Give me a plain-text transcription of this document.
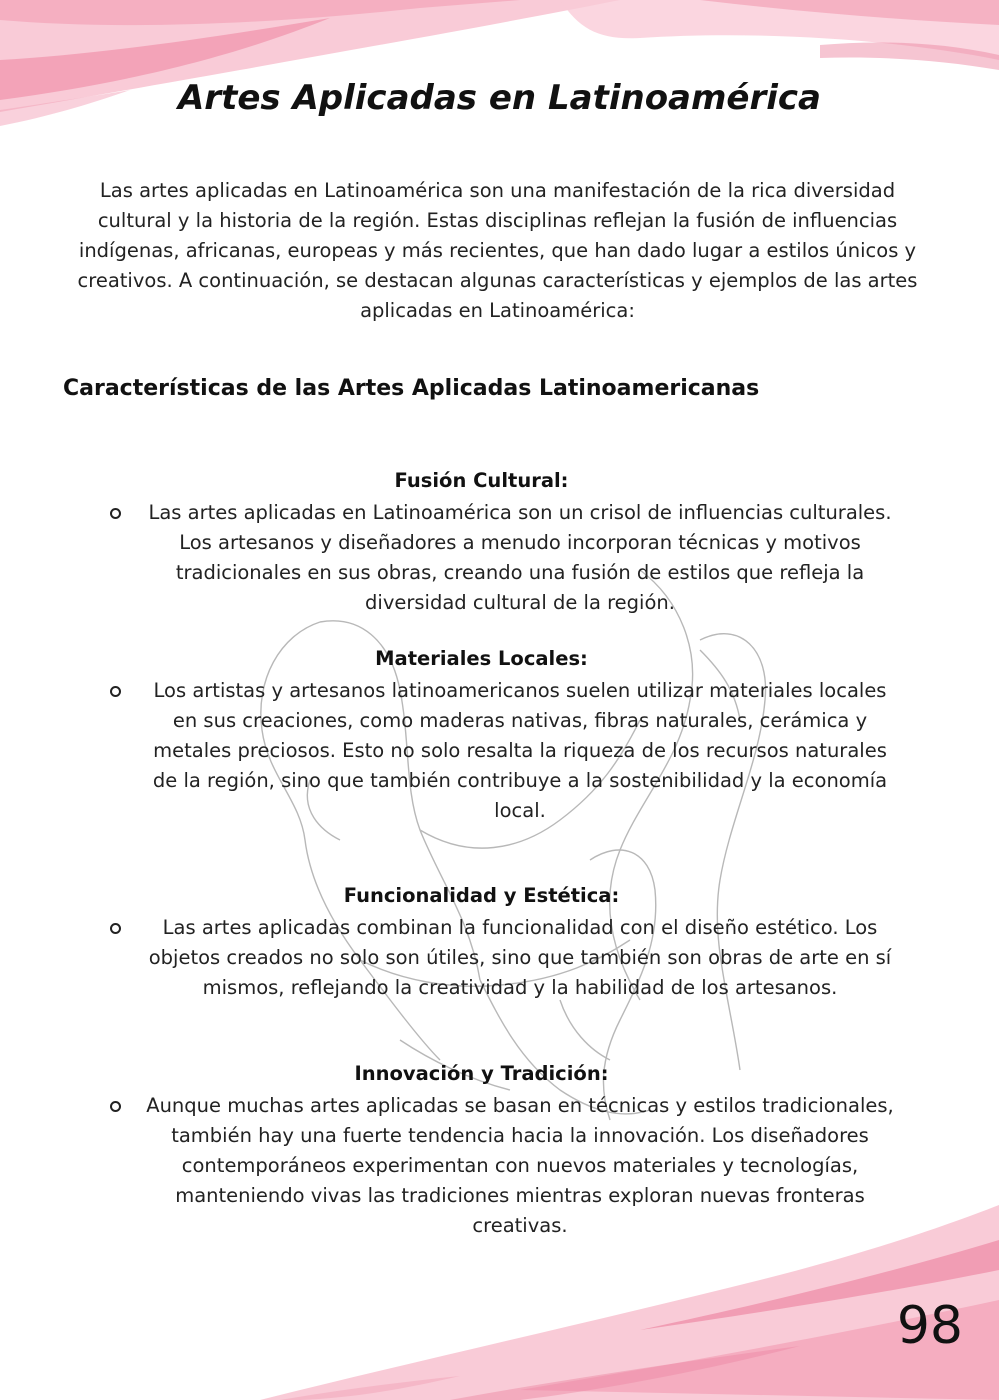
Artes Aplicadas en Latinoamérica

Las artes aplicadas en Latinoamérica son una manifestación de la rica diversidad cultural y la historia de la región. Estas disciplinas reflejan la fusión de influencias indígenas, africanas, europeas y más recientes, que han dado lugar a estilos únicos y creativos. A continuación, se destacan algunas características y ejemplos de las artes aplicadas en Latinoamérica:

Características de las Artes Aplicadas Latinoamericanas
Fusión Cultural:

Las artes aplicadas en Latinoamérica son un crisol de influencias culturales. Los artesanos y diseñadores a menudo incorporan técnicas y motivos tradicionales en sus obras, creando una fusión de estilos que refleja la diversidad cultural de la región.

Materiales Locales:

Los artistas y artesanos latinoamericanos suelen utilizar materiales locales en sus creaciones, como maderas nativas, fibras naturales, cerámica y metales preciosos. Esto no solo resalta la riqueza de los recursos naturales de la región, sino que también contribuye a la sostenibilidad y la economía local.

Funcionalidad y Estética:

Las artes aplicadas combinan la funcionalidad con el diseño estético. Los objetos creados no solo son útiles, sino que también son obras de arte en sí mismos, reflejando la creatividad y la habilidad de los artesanos.

Innovación y Tradición:

Aunque muchas artes aplicadas se basan en técnicas y estilos tradicionales, también hay una fuerte tendencia hacia la innovación. Los diseñadores contemporáneos experimentan con nuevos materiales y tecnologías, manteniendo vivas las tradiciones mientras exploran nuevas fronteras creativas.

98
